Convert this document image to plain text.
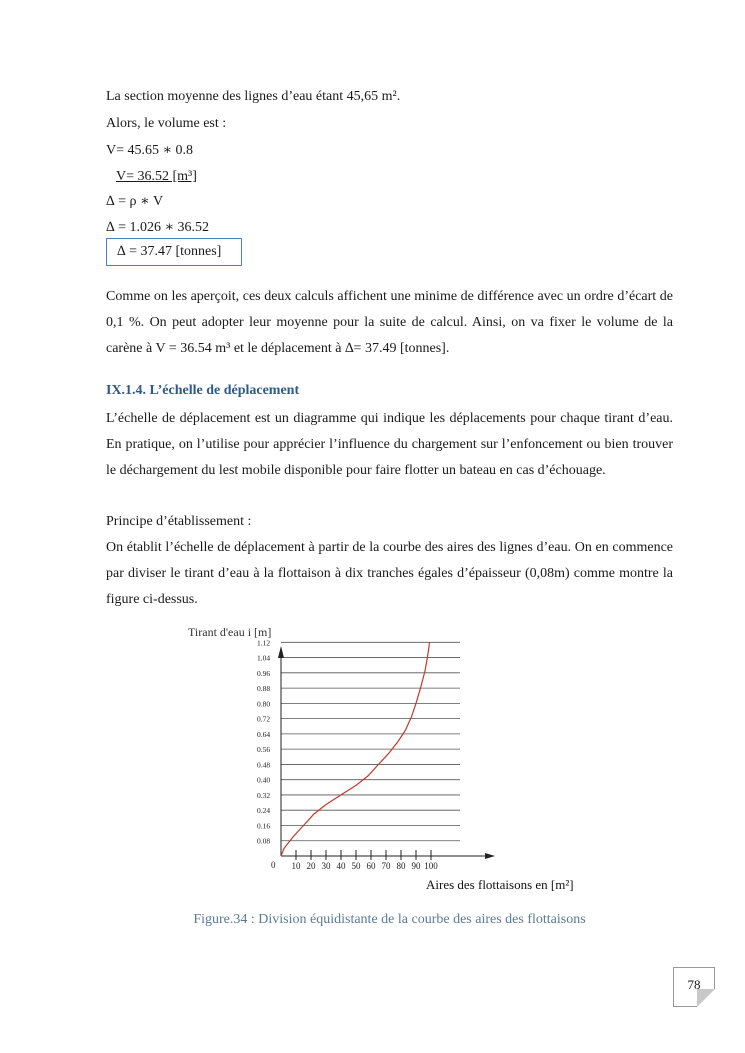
La section moyenne des lignes d’eau étant 45,65 m².
Alors, le volume est :
V= 45.65 ∗ 0.8
V= 36.52 [m³]
∆ = ρ ∗ V
∆ = 1.026 ∗ 36.52
∆ = 37.47 [tonnes]

Comme on les aperçoit, ces deux calculs affichent une minime de différence avec un ordre d’écart de 0,1 %. On peut adopter leur moyenne pour la suite de calcul. Ainsi, on va fixer le volume de la carène à V = 36.54 m³ et le déplacement à ∆= 37.49 [tonnes].

IX.1.4. L’échelle de déplacement

L’échelle de déplacement est un diagramme qui indique les déplacements pour chaque tirant d’eau. En pratique, on l’utilise pour apprécier l’influence du chargement sur l’enfoncement ou bien trouver le déchargement du lest mobile disponible pour faire flotter un bateau en cas d’échouage.

Principe d’établissement :

On établit l’échelle de déplacement à partir de la courbe des aires des lignes d’eau. On en commence par diviser le tirant d’eau à la flottaison à dix tranches égales d’épaisseur (0,08m) comme montre la figure ci-dessus.

Tirant d'eau i [m]
Aires des flottaisons en [m²]
0.08
0.16
0.24
0.32
0.40
0.48
0.56
0.64
0.72
0.80
0.88
0.96
1.04
1.12
10 20 30 40 50 60 70 80 90 100
0
Figure.34 : Division équidistante de la courbe des aires des flottaisons
78
